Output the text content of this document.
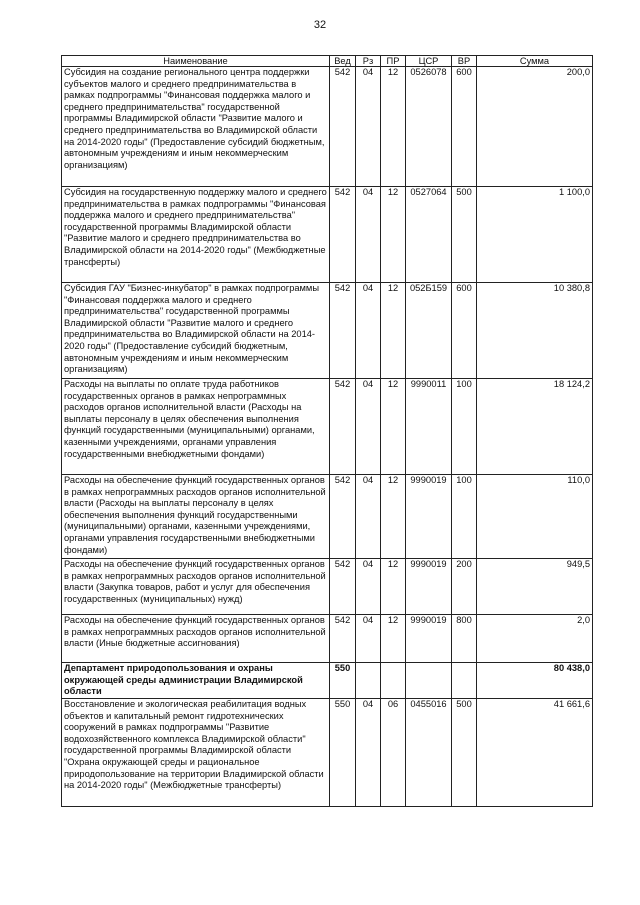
32
Наименование	Вед	Рз	ПР	ЦСР	ВР	Сумма
Субсидия на создание регионального центра поддержки субъектов малого и среднего предпринимательства в рамках подпрограммы "Финансовая поддержка малого и среднего предпринимательства" государственной программы Владимирской области "Развитие малого и среднего предпринимательства во Владимирской области на 2014-2020 годы" (Предоставление субсидий бюджетным, автономным учреждениям и иным некоммерческим организациям)	542	04	12	0526078	600	200,0
Субсидия на государственную поддержку малого и среднего предпринимательства в рамках подпрограммы "Финансовая поддержка малого и среднего предпринимательства" государственной программы Владимирской области "Развитие малого и среднего предпринимательства во Владимирской области на 2014-2020 годы" (Межбюджетные трансферты)	542	04	12	0527064	500	1 100,0
Субсидия ГАУ "Бизнес-инкубатор" в рамках подпрограммы "Финансовая поддержка малого и среднего предпринимательства" государственной программы Владимирской области "Развитие малого и среднего предпринимательства во Владимирской области на 2014-2020 годы" (Предоставление субсидий бюджетным, автономным учреждениям и иным некоммерческим организациям)	542	04	12	052Б159	600	10 380,8
Расходы на выплаты по оплате труда работников государственных органов в рамках непрограммных расходов органов исполнительной власти (Расходы на выплаты персоналу в целях обеспечения выполнения функций государственными (муниципальными) органами, казенными учреждениями, органами управления государственными внебюджетными фондами)	542	04	12	9990011	100	18 124,2
Расходы на обеспечение функций государственных органов в рамках непрограммных расходов органов исполнительной власти (Расходы на выплаты персоналу в целях обеспечения выполнения функций государственными (муниципальными) органами, казенными учреждениями, органами управления государственными внебюджетными фондами)	542	04	12	9990019	100	110,0
Расходы на обеспечение функций государственных органов в рамках непрограммных расходов органов исполнительной власти (Закупка товаров, работ и услуг для обеспечения государственных (муниципальных) нужд)	542	04	12	9990019	200	949,5
Расходы на обеспечение функций государственных органов в рамках непрограммных расходов органов исполнительной власти (Иные бюджетные ассигнования)	542	04	12	9990019	800	2,0
Департамент природопользования и охраны окружающей среды администрации Владимирской области	550					80 438,0
Восстановление и экологическая реабилитация водных объектов и капитальный ремонт гидротехнических сооружений в рамках подпрограммы "Развитие водохозяйственного комплекса Владимирской области" государственной программы Владимирской области "Охрана окружающей среды и рациональное природопользование на территории Владимирской области на 2014-2020 годы" (Межбюджетные трансферты)	550	04	06	0455016	500	41 661,6
